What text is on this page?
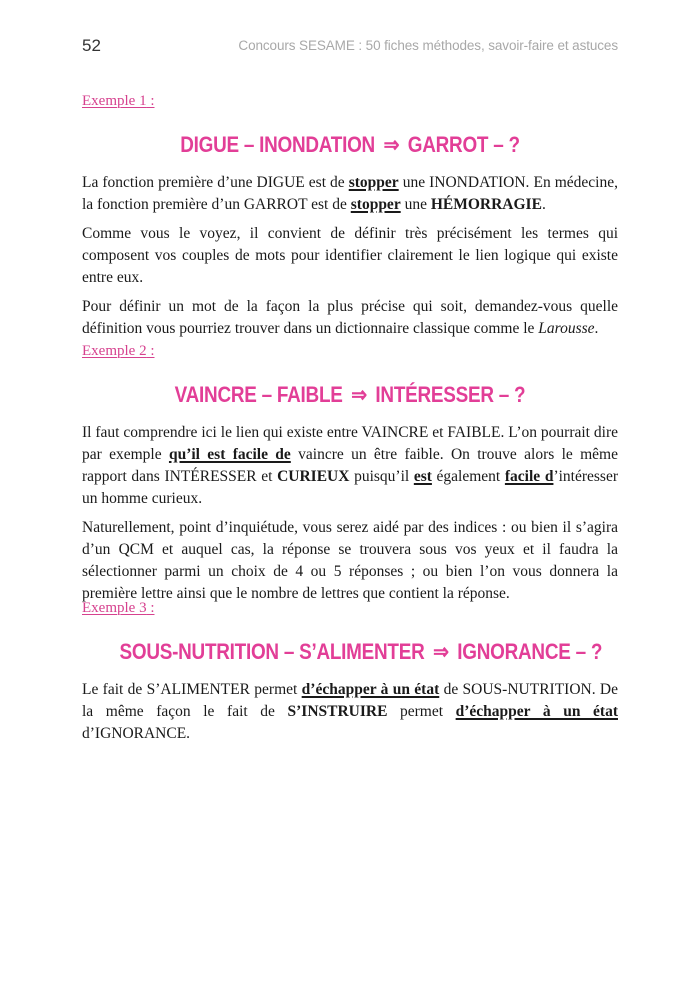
52	Concours SESAME : 50 fiches méthodes, savoir-faire et astuces
Exemple 1 :
DIGUE – INONDATION ⇒ GARROT – ?

La fonction première d’une DIGUE est de stopper une INONDATION. En médecine, la fonction première d’un GARROT est de stopper une HÉMORRAGIE.

Comme vous le voyez, il convient de définir très précisément les termes qui composent vos couples de mots pour identifier clairement le lien logique qui existe entre eux.

Pour définir un mot de la façon la plus précise qui soit, demandez-vous quelle définition vous pourriez trouver dans un dictionnaire classique comme le Larousse.

Exemple 2 :
VAINCRE – FAIBLE ⇒ INTÉRESSER – ?

Il faut comprendre ici le lien qui existe entre VAINCRE et FAIBLE. L’on pourrait dire par exemple qu’il est facile de vaincre un être faible. On trouve alors le même rapport dans INTÉRESSER et CURIEUX puisqu’il est également facile d’intéresser un homme curieux.

Naturellement, point d’inquiétude, vous serez aidé par des indices : ou bien il s’agira d’un QCM et auquel cas, la réponse se trouvera sous vos yeux et il faudra la sélectionner parmi un choix de 4 ou 5 réponses ; ou bien l’on vous donnera la première lettre ainsi que le nombre de lettres que contient la réponse.

Exemple 3 :
SOUS-NUTRITION – S’ALIMENTER ⇒ IGNORANCE – ?

Le fait de S’ALIMENTER permet d’échapper à un état de SOUS-NUTRITION. De la même façon le fait de S’INSTRUIRE permet d’échapper à un état d’IGNORANCE.
